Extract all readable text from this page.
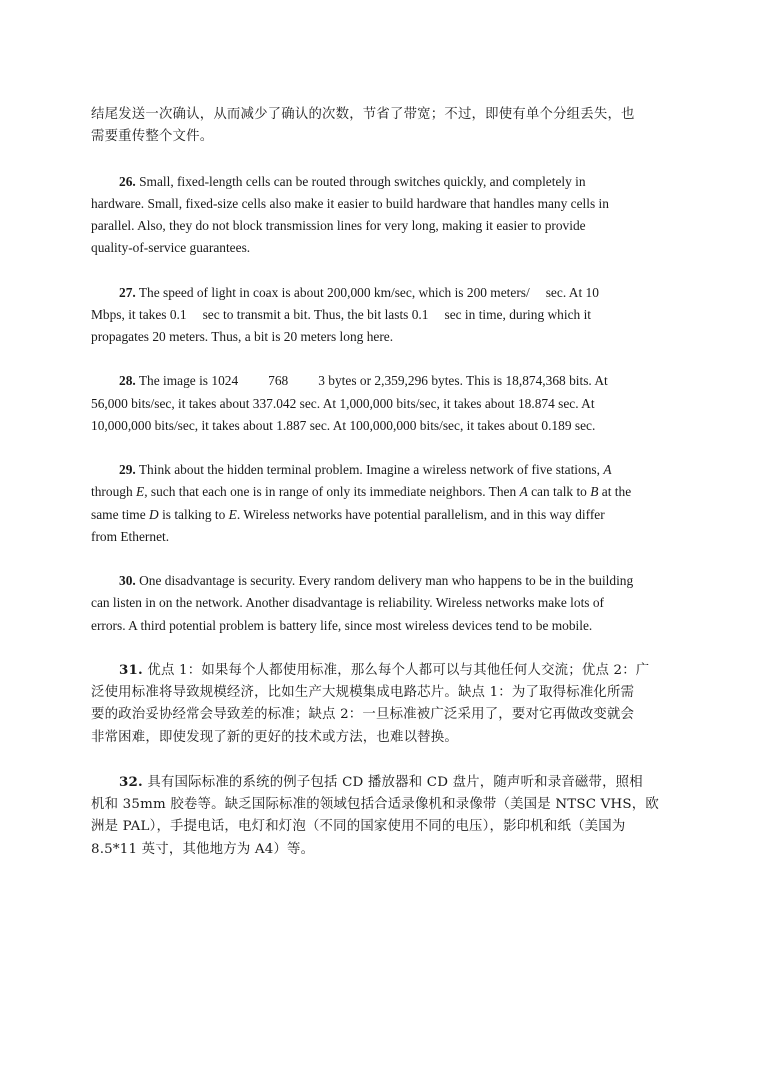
结尾发送一次确认，从而减少了确认的次数，节省了带宽；不过，即使有单个分组丢失，也
需要重传整个文件。
26. Small, fixed-length cells can be routed through switches quickly, and completely in
hardware. Small, fixed-size cells also make it easier to build hardware that handles many cells in
parallel. Also, they do not block transmission lines for very long, making it easier to provide
quality-of-service guarantees.
27. The speed of light in coax is about 200,000 km/sec, which is 200 meters/ sec. At 10
Mbps, it takes 0.1 sec to transmit a bit. Thus, the bit lasts 0.1 sec in time, during which it
propagates 20 meters. Thus, a bit is 20 meters long here.
28. The image is 1024 768 3 bytes or 2,359,296 bytes. This is 18,874,368 bits. At
56,000 bits/sec, it takes about 337.042 sec. At 1,000,000 bits/sec, it takes about 18.874 sec. At
10,000,000 bits/sec, it takes about 1.887 sec. At 100,000,000 bits/sec, it takes about 0.189 sec.
29. Think about the hidden terminal problem. Imagine a wireless network of five stations, A
through E, such that each one is in range of only its immediate neighbors. Then A can talk to B at the
same time D is talking to E. Wireless networks have potential parallelism, and in this way differ
from Ethernet.
30. One disadvantage is security. Every random delivery man who happens to be in the building
can listen in on the network. Another disadvantage is reliability. Wireless networks make lots of
errors. A third potential problem is battery life, since most wireless devices tend to be mobile.
31. 优点 1：如果每个人都使用标准，那么每个人都可以与其他任何人交流；优点 2：广
泛使用标准将导致规模经济，比如生产大规模集成电路芯片。缺点 1：为了取得标准化所需
要的政治妥协经常会导致差的标准；缺点 2：一旦标准被广泛采用了，要对它再做改变就会
非常困难，即使发现了新的更好的技术或方法，也难以替换。
32. 具有国际标准的系统的例子包括 CD 播放器和 CD 盘片，随声听和录音磁带，照相
机和 35mm 胶卷等。缺乏国际标准的领域包括合适录像机和录像带（美国是 NTSC VHS，欧
洲是 PAL），手提电话，电灯和灯泡（不同的国家使用不同的电压），影印机和纸（美国为
8.5*11 英寸，其他地方为 A4）等。
